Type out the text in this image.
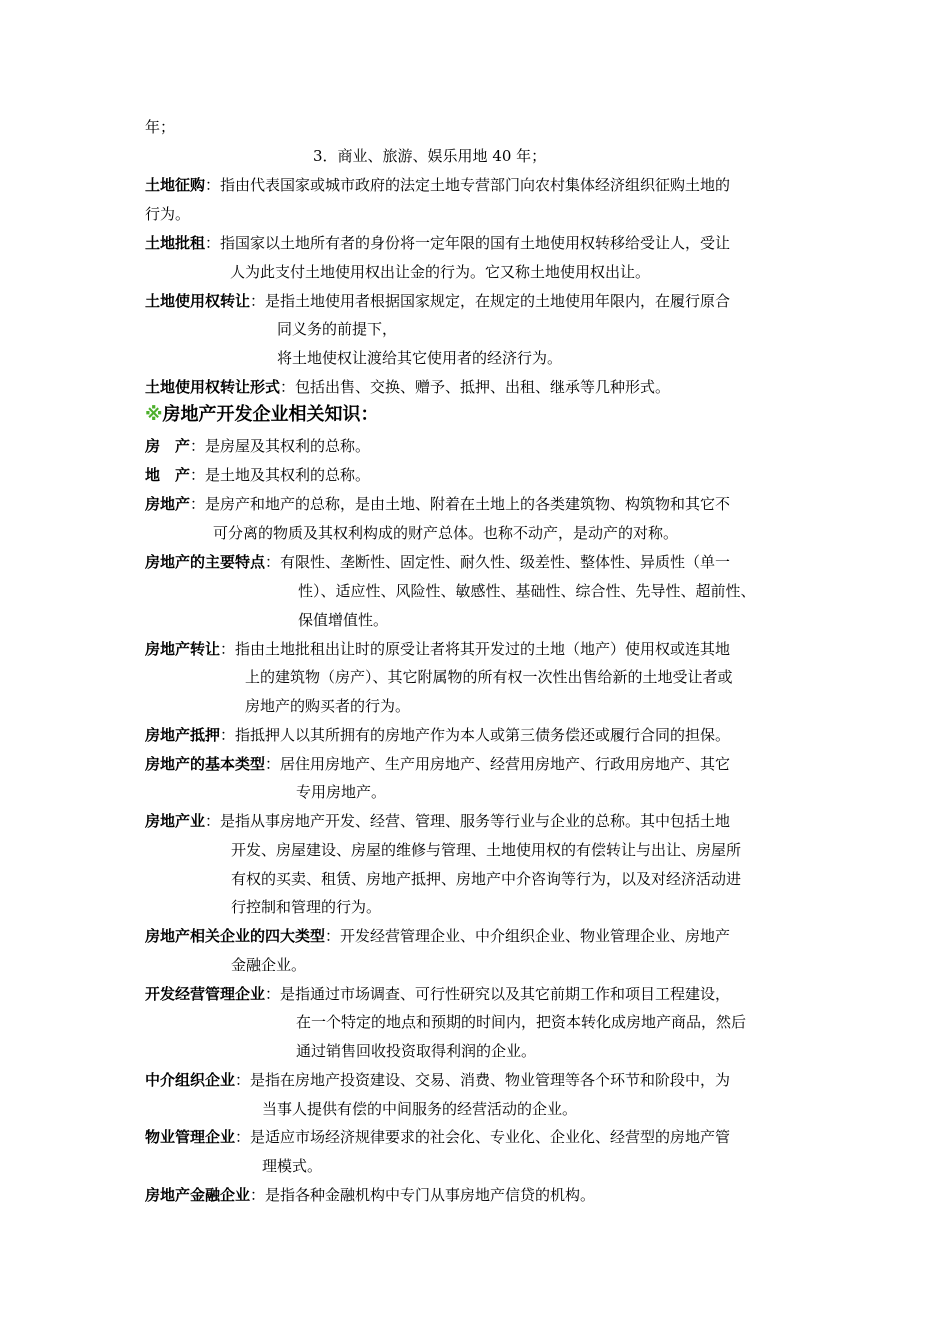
年；
3．商业、旅游、娱乐用地 40 年；
土地征购：指由代表国家或城市政府的法定土地专营部门向农村集体经济组织征购土地的
行为。
土地批租：指国家以土地所有者的身份将一定年限的国有土地使用权转移给受让人，受让
人为此支付土地使用权出让金的行为。它又称土地使用权出让。
土地使用权转让：是指土地使用者根据国家规定，在规定的土地使用年限内，在履行原合
同义务的前提下，
将土地使权让渡给其它使用者的经济行为。
土地使用权转让形式：包括出售、交换、赠予、抵押、出租、继承等几种形式。
※房地产开发企业相关知识：
房　产：是房屋及其权利的总称。
地　产：是土地及其权利的总称。
房地产：是房产和地产的总称，是由土地、附着在土地上的各类建筑物、构筑物和其它不
可分离的物质及其权利构成的财产总体。也称不动产，是动产的对称。
房地产的主要特点：有限性、垄断性、固定性、耐久性、级差性、整体性、异质性（单一
性）、适应性、风险性、敏感性、基础性、综合性、先导性、超前性、
保值增值性。
房地产转让：指由土地批租出让时的原受让者将其开发过的土地（地产）使用权或连其地
上的建筑物（房产）、其它附属物的所有权一次性出售给新的土地受让者或
房地产的购买者的行为。
房地产抵押：指抵押人以其所拥有的房地产作为本人或第三债务偿还或履行合同的担保。
房地产的基本类型：居住用房地产、生产用房地产、经营用房地产、行政用房地产、其它
专用房地产。
房地产业：是指从事房地产开发、经营、管理、服务等行业与企业的总称。其中包括土地
开发、房屋建设、房屋的维修与管理、土地使用权的有偿转让与出让、房屋所
有权的买卖、租赁、房地产抵押、房地产中介咨询等行为，以及对经济活动进
行控制和管理的行为。
房地产相关企业的四大类型：开发经营管理企业、中介组织企业、物业管理企业、房地产
金融企业。
开发经营管理企业：是指通过市场调查、可行性研究以及其它前期工作和项目工程建设，
在一个特定的地点和预期的时间内，把资本转化成房地产商品，然后
通过销售回收投资取得利润的企业。
中介组织企业：是指在房地产投资建设、交易、消费、物业管理等各个环节和阶段中，为
当事人提供有偿的中间服务的经营活动的企业。
物业管理企业：是适应市场经济规律要求的社会化、专业化、企业化、经营型的房地产管
理模式。
房地产金融企业：是指各种金融机构中专门从事房地产信贷的机构。
